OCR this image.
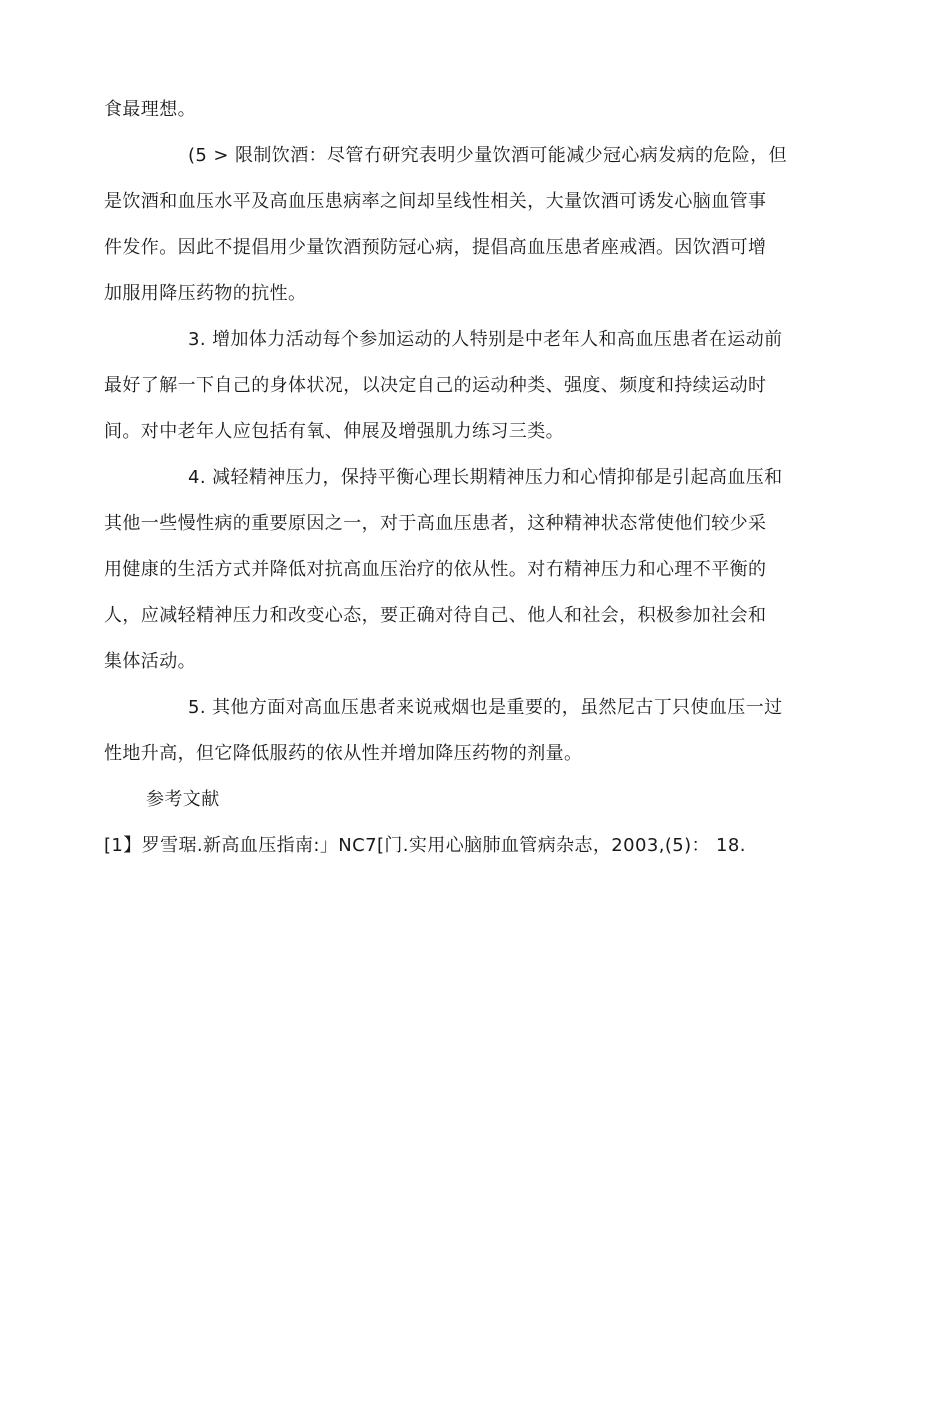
食最理想。
(5 > 限制饮酒：尽管冇研究表明少量饮酒可能减少冠心病发病的危险，但
是饮酒和血压水平及高血压患病率之间却呈线性相关，大量饮酒可诱发心脑血管事
件发作。因此不提倡用少量饮酒预防冠心病，提倡高血压患者座戒酒。因饮酒可增
加服用降压药物的抗性。
3. 增加体力活动每个参加运动的人特别是中老年人和高血压患者在运动前
最好了解一下自己的身体状况，以决定自己的运动种类、强度、频度和持续运动时
间。对中老年人应包括有氧、伸展及增强肌力练习三类。
4. 减轻精神压力，保持平衡心理长期精神压力和心情抑郁是引起高血压和
其他一些慢性病的重要原因之一，对于高血压患者，这种精神状态常使他们较少采
用健康的生活方式并降低对抗高血压治疗的依从性。对冇精神压力和心理不平衡的
人，应减轻精神压力和改变心态，要正确对待自己、他人和社会，积极参加社会和
集体活动。
5. 其他方面对高血压患者来说戒烟也是重要的，虽然尼古丁只使血压一过
性地升高，但它降低服药的依从性并增加降压药物的剂量。
参考文献
[1】罗雪琚.新高血压指南:」NC7[门.实用心脑肺血管病杂志，2003,(5)： 18.
